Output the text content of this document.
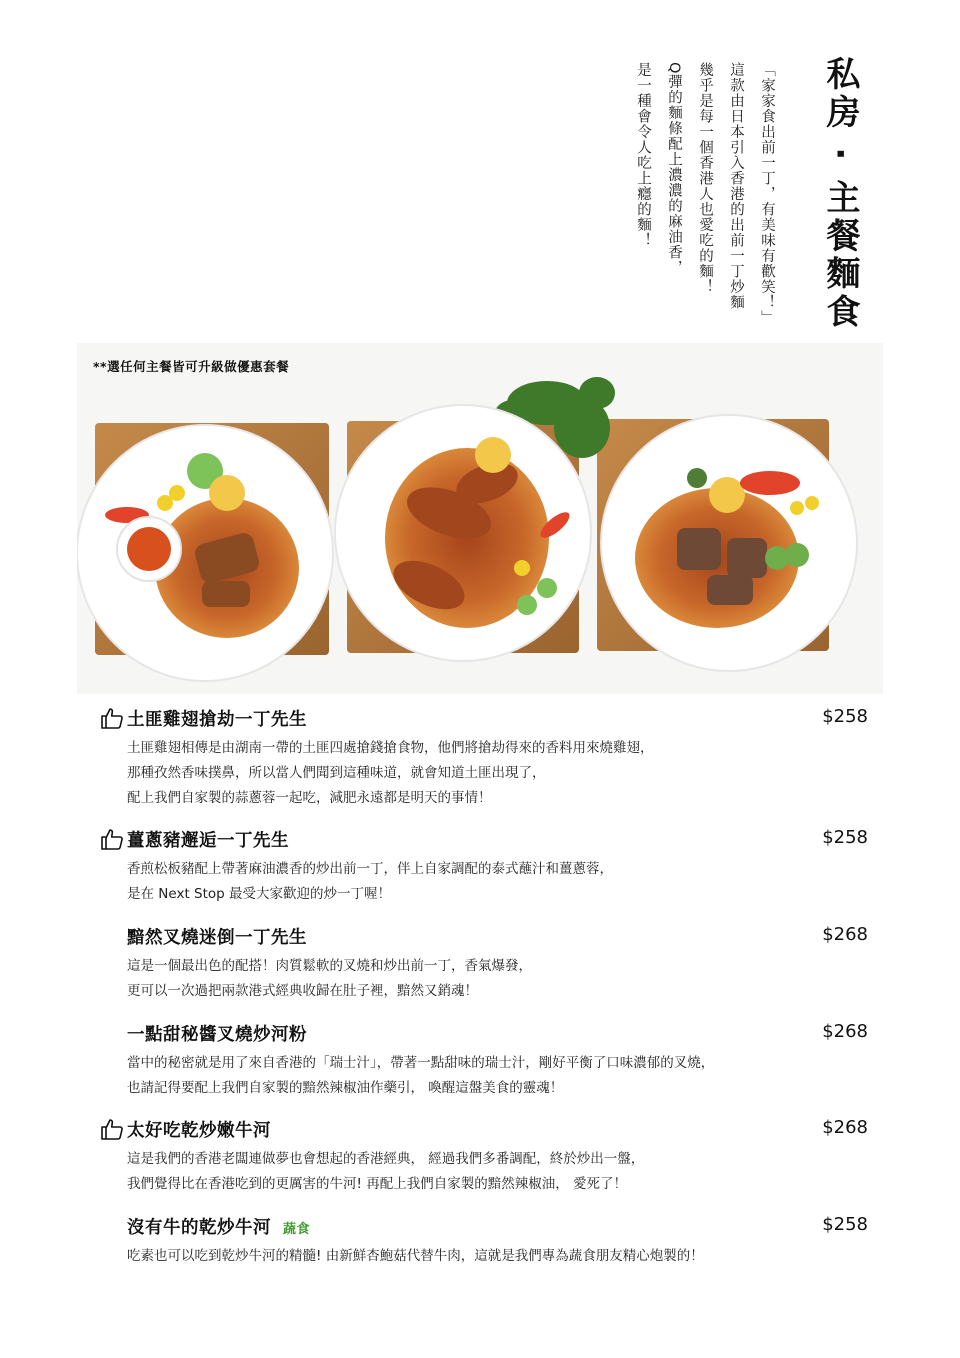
私房 ‧ 主餐麵食

「家家食出前一丁，有美味有歡笑！」

這款由日本引入香港的出前一丁炒麵

幾乎是每一個香港人也愛吃的麵！

Q彈的麵條配上濃濃的麻油香，

是一種會令人吃上癮的麵！

**選任何主餐皆可升級做優惠套餐
土匪雞翅搶劫一丁先生	$258
土匪雞翅相傳是由湖南一帶的土匪四處搶錢搶食物，他們將搶劫得來的香料用來燒雞翅，
那種孜然香味撲鼻，所以當人們聞到這種味道，就會知道土匪出現了，
配上我們自家製的蒜蔥蓉一起吃，減肥永遠都是明天的事情！
薑蔥豬邂逅一丁先生	$258
香煎松板豬配上帶著麻油濃香的炒出前一丁，伴上自家調配的泰式蘸汁和薑蔥蓉，
是在 Next Stop 最受大家歡迎的炒一丁喔！
黯然叉燒迷倒一丁先生	$268
這是一個最出色的配搭！肉質鬆軟的叉燒和炒出前一丁，香氣爆發，
更可以一次過把兩款港式經典收歸在肚子裡，黯然又銷魂！
一點甜秘醬叉燒炒河粉	$268
當中的秘密就是用了來自香港的「瑞士汁」，帶著一點甜味的瑞士汁，剛好平衡了口味濃郁的叉燒，
也請記得要配上我們自家製的黯然辣椒油作藥引， 喚醒這盤美食的靈魂！
太好吃乾炒嫩牛河	$268
這是我們的香港老闆連做夢也會想起的香港經典， 經過我們多番調配，終於炒出一盤，
我們覺得比在香港吃到的更厲害的牛河! 再配上我們自家製的黯然辣椒油， 愛死了！
沒有牛的乾炒牛河 蔬食	$258
吃素也可以吃到乾炒牛河的精髓! 由新鮮杏鮑菇代替牛肉，這就是我們專為蔬食朋友精心炮製的！
